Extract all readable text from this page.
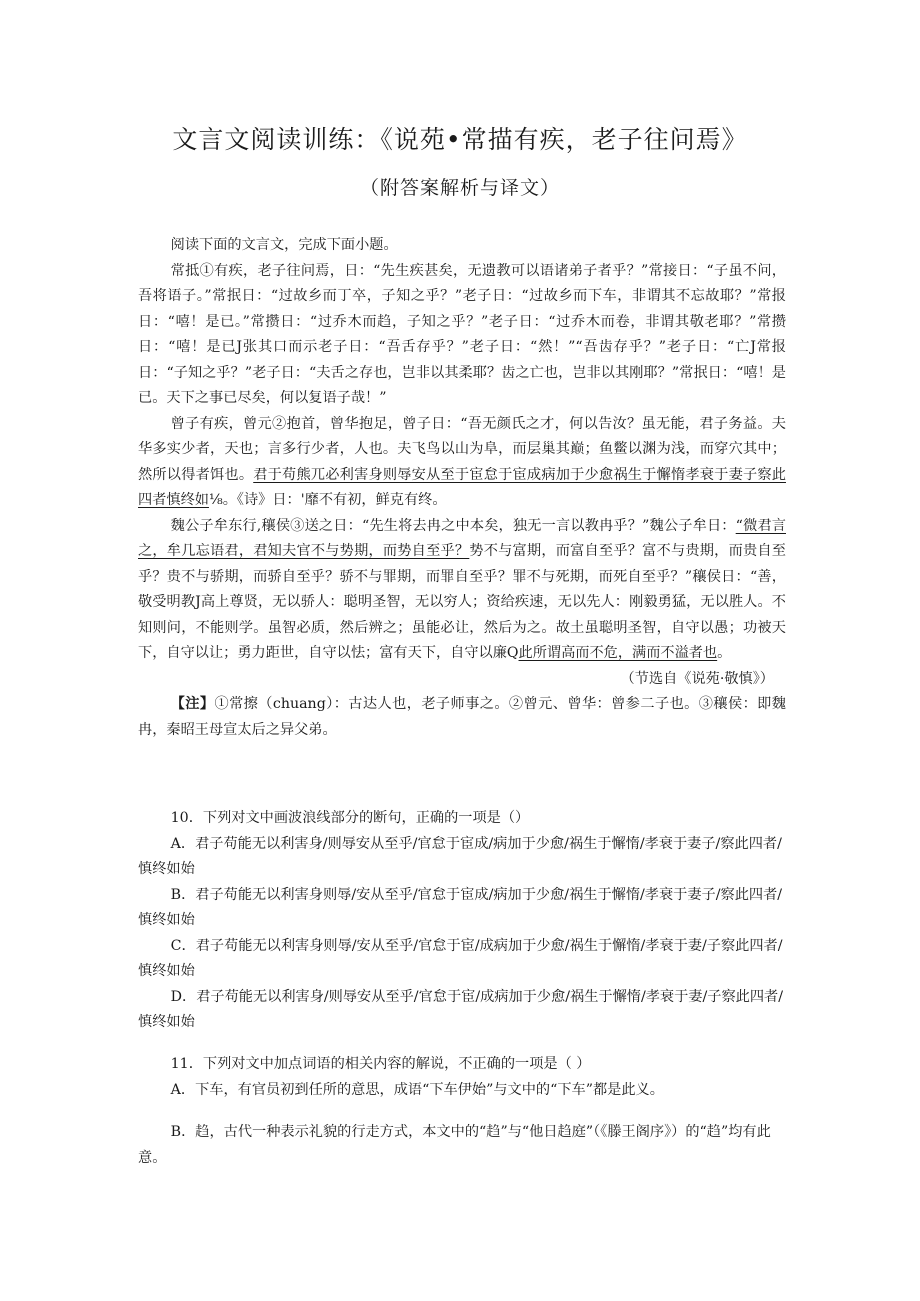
文言文阅读训练：《说苑•常描有疾，老子往问焉》
（附答案解析与译文）

阅读下面的文言文，完成下面小题。

常抵①有疾，老子往问焉，日：“先生疾甚矣，无遗教可以语诸弟子者乎？”常接日：“子虽不问，吾将语子。”常抿日：“过故乡而丁卒，子知之乎？”老子日：“过故乡而下车，非谓其不忘故耶？”常报日：“嘻！是已。”常攒日：“过乔木而趋，子知之乎？”老子日：“过乔木而卷，非谓其敬老耶？”常攒日：“嘻！是已J张其口而示老子日：“吾舌存乎？”老子日：“然！”“吾齿存乎？”老子日：“亡J常报日：“子知之乎？”老子日：“夫舌之存也，岂非以其柔耶？齿之亡也，岂非以其刚耶？”常抿日：“嘻！是已。天下之事已尽矣，何以复语子哉！”

曾子有疾，曾元②抱首，曾华抱足，曾子日：“吾无颜氏之才，何以告汝？虽无能，君子务益。夫华多实少者，天也；言多行少者，人也。夫飞鸟以山为阜，而层巢其巅；鱼鳖以渊为浅，而穿穴其中；然所以得者饵也。君于苟熊兀必利害身则辱安从至于宦怠于宦成病加于少愈祸生于懈惰孝衰于妻子察此四者慎终如⅛。《诗》日：'靡不有初，鲜克有终。

魏公子牟东行,穰侯③送之日：“先生将去冉之中本矣，独无一言以教冉乎？”魏公子牟日：“微君言之，牟几忘语君，君知夫官不与势期，而势自至乎？势不与富期，而富自至乎？富不与贵期，而贵自至乎？贵不与骄期，而骄自至乎？骄不与罪期，而罪自至乎？罪不与死期，而死自至乎？”穰侯日：“善，敬受明教J高上尊贤，无以骄人：聪明圣智，无以穷人；资给疾速，无以先人：刚毅勇猛，无以胜人。不知则问，不能则学。虽智必质，然后辨之；虽能必让，然后为之。故土虽聪明圣智，自守以愚；功被天下，自守以让；勇力距世，自守以怯；富有天下，自守以廉Q此所谓高而不危，满而不溢者也。

（节选自《说苑·敬慎》）

【注】①常擦（chuang）：古达人也，老子师事之。②曾元、曾华：曾参二子也。③穰侯：即魏冉，秦昭王母宣太后之异父弟。

10．下列对文中画波浪线部分的断句，正确的一项是（）

A．君子苟能无以利害身/则辱安从至乎/官怠于宦成/病加于少愈/祸生于懈惰/孝衰于妻子/察此四者/慎终如始

B．君子苟能无以利害身则辱/安从至乎/官怠于宦成/病加于少愈/祸生于懈惰/孝衰于妻子/察此四者/慎终如始

C．君子苟能无以利害身则辱/安从至乎/官怠于宦/成病加于少愈/祸生于懈惰/孝衰于妻/子察此四者/慎终如始

D．君子苟能无以利害身/则辱安从至乎/官怠于宦/成病加于少愈/祸生于懈惰/孝衰于妻/子察此四者/慎终如始

11．下列对文中加点词语的相关内容的解说，不正确的一项是（ ）

A．下车，有官员初到任所的意思，成语“下车伊始”与文中的“下车”都是此义。

B．趋，古代一种表示礼貌的行走方式，本文中的“趋”与“他日趋庭”（《滕王阁序》）的“趋”均有此意。
